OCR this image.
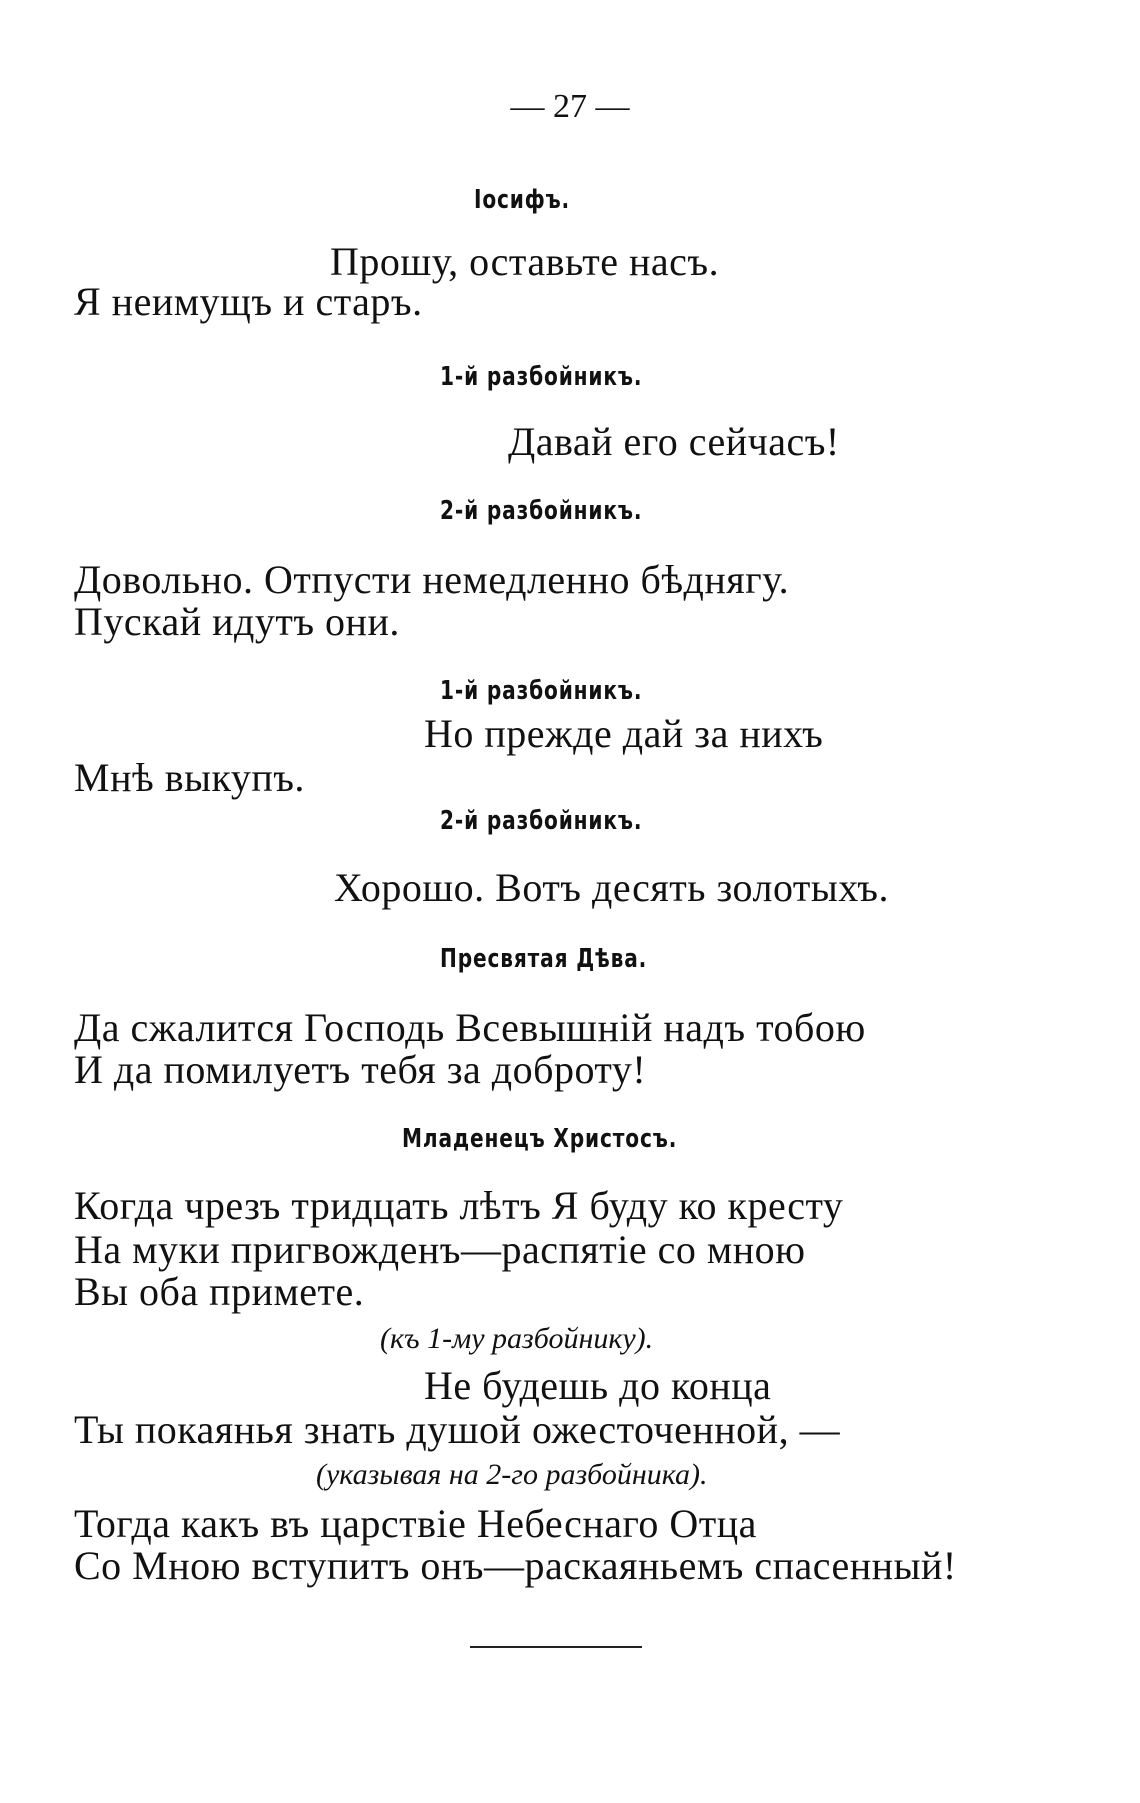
— 27 —
Іосифъ.
Прошу, оставьте насъ.
Я неимущъ и старъ.
1-й разбойникъ.
Давай его сейчасъ!
2-й разбойникъ.
Довольно. Отпусти немедленно бѣднягу.
Пускай идутъ они.
1-й разбойникъ.
Но прежде дай за нихъ
Мнѣ выкупъ.
2-й разбойникъ.
Хорошо. Вотъ десять золотыхъ.
Пресвятая Дѣва.
Да сжалится Господь Всевышній надъ тобою
И да помилуетъ тебя за доброту!
Младенецъ Христосъ.
Когда чрезъ тридцать лѣтъ Я буду ко кресту
На муки пригвожденъ—распятіе со мною
Вы оба примете.
(къ 1-му разбойнику).
Не будешь до конца
Ты покаянья знать душой ожесточенной, —
(указывая на 2-го разбойника).
Тогда какъ въ царствіе Небеснаго Отца
Со Мною вступитъ онъ—раскаяньемъ спасенный!
